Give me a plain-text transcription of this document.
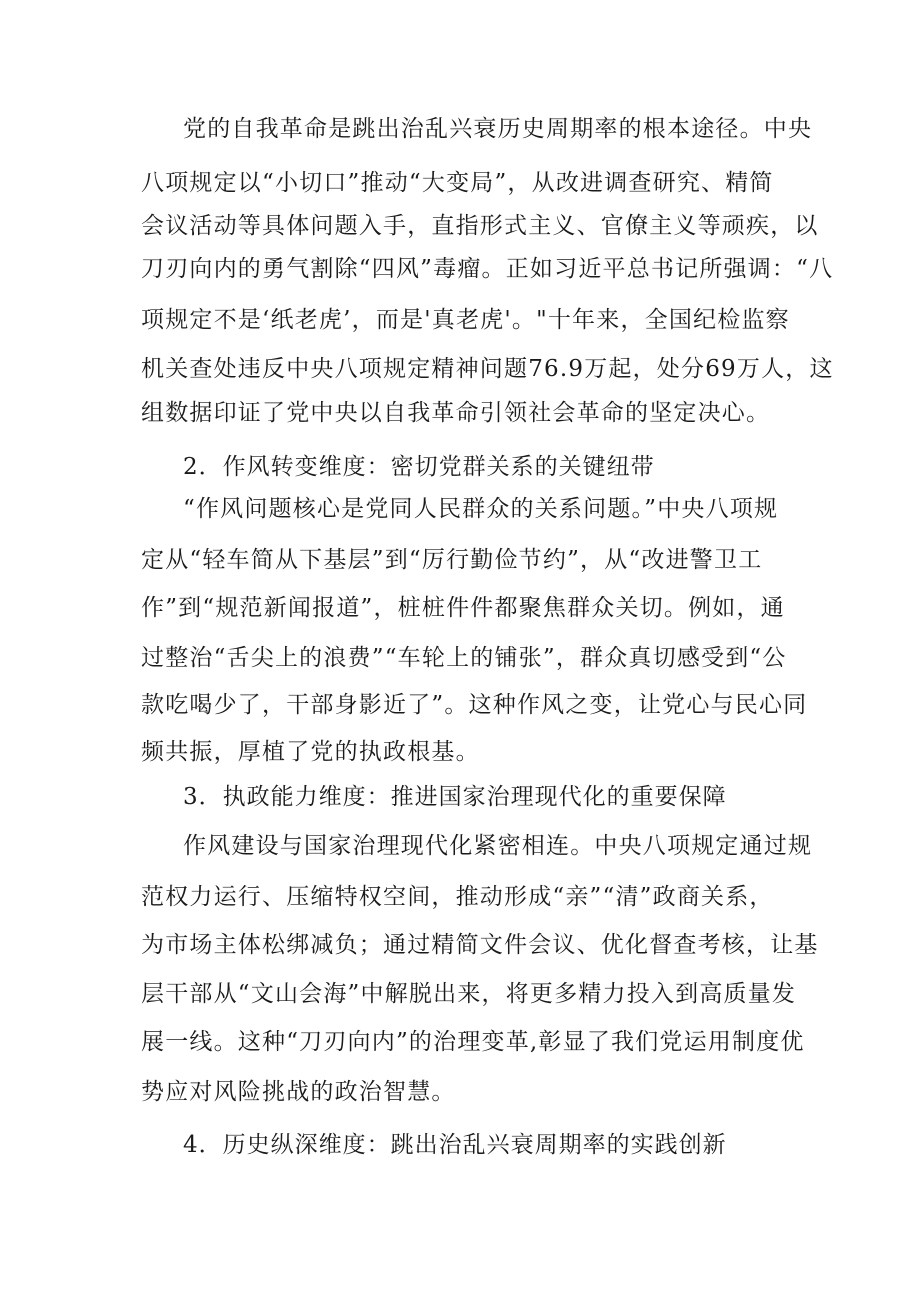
党的自我革命是跳出治乱兴衰历史周期率的根本途径。中央
八项规定以“小切口”推动“大变局”，从改进调查研究、精简
会议活动等具体问题入手，直指形式主义、官僚主义等顽疾，以
刀刃向内的勇气割除“四风”毒瘤。正如习近平总书记所强调：“八
项规定不是‘纸老虎’，而是'真老虎'。"十年来，全国纪检监察
机关查处违反中央八项规定精神问题76.9万起，处分69万人，这
组数据印证了党中央以自我革命引领社会革命的坚定决心。
2．作风转变维度：密切党群关系的关键纽带
“作风问题核心是党同人民群众的关系问题。”中央八项规
定从“轻车简从下基层”到“厉行勤俭节约”，从“改进警卫工
作”到“规范新闻报道”，桩桩件件都聚焦群众关切。例如，通
过整治“舌尖上的浪费”“车轮上的铺张”，群众真切感受到“公
款吃喝少了，干部身影近了”。这种作风之变，让党心与民心同
频共振，厚植了党的执政根基。
3．执政能力维度：推进国家治理现代化的重要保障
作风建设与国家治理现代化紧密相连。中央八项规定通过规
范权力运行、压缩特权空间，推动形成“亲”“清”政商关系，
为市场主体松绑减负；通过精简文件会议、优化督查考核，让基
层干部从“文山会海”中解脱出来，将更多精力投入到高质量发
展一线。这种“刀刃向内”的治理变革,彰显了我们党运用制度优
势应对风险挑战的政治智慧。
4．历史纵深维度：跳出治乱兴衰周期率的实践创新
